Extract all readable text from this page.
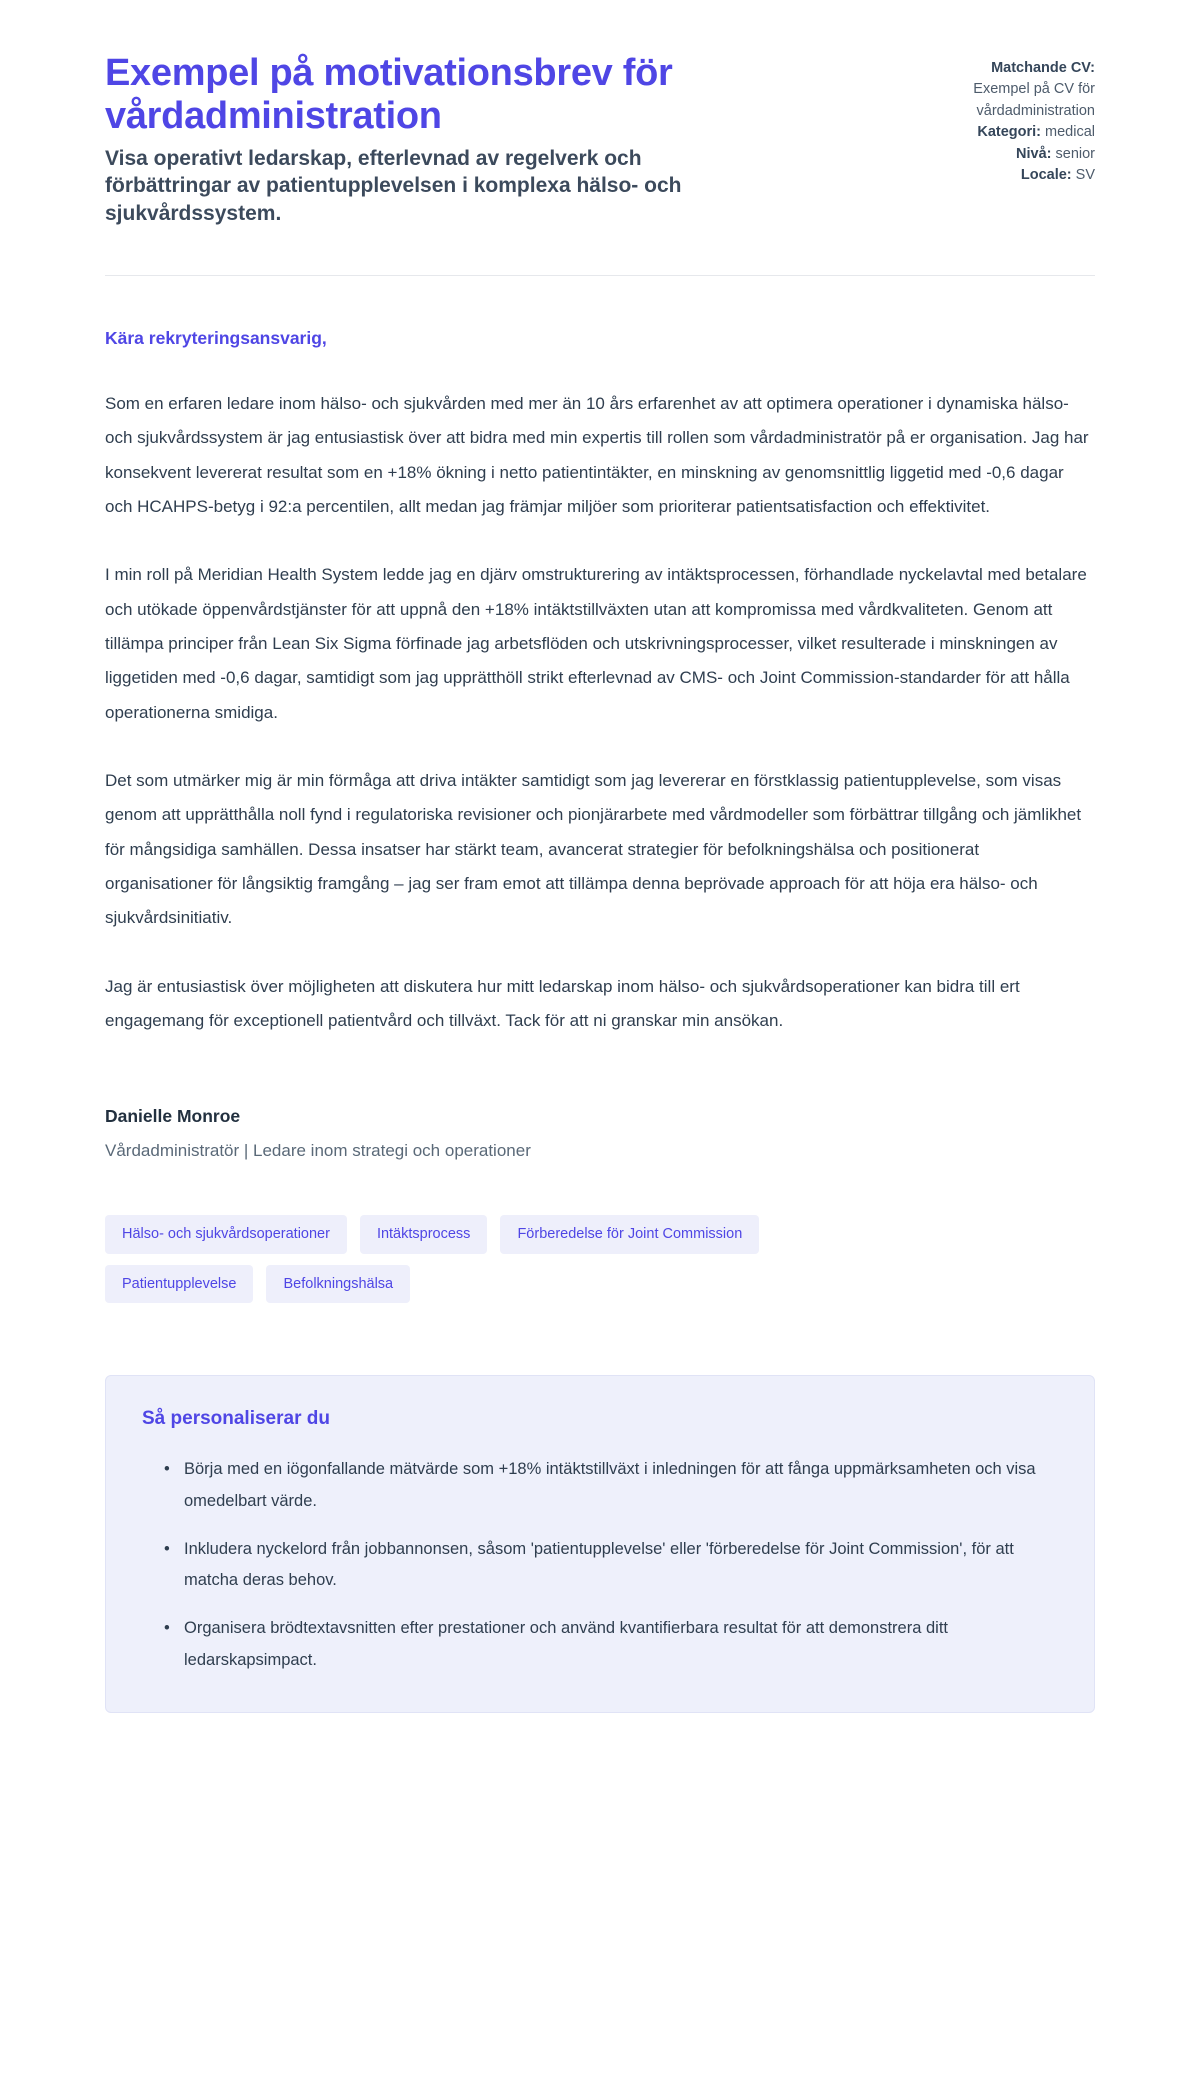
Exempel på motivationsbrev för vårdadministration

Visa operativt ledarskap, efterlevnad av regelverk och förbättringar av patientupplevelsen i komplexa hälso- och sjukvårdssystem.

Matchande CV:
Exempel på CV för vårdadministration
Kategori: medical
Nivå: senior
Locale: SV

Kära rekryteringsansvarig,

Som en erfaren ledare inom hälso- och sjukvården med mer än 10 års erfarenhet av att optimera operationer i dynamiska hälso- och sjukvårdssystem är jag entusiastisk över att bidra med min expertis till rollen som vårdadministratör på er organisation. Jag har konsekvent levererat resultat som en +18% ökning i netto patientintäkter, en minskning av genomsnittlig liggetid med -0,6 dagar och HCAHPS-betyg i 92:a percentilen, allt medan jag främjar miljöer som prioriterar patientsatisfaction och effektivitet.

I min roll på Meridian Health System ledde jag en djärv omstrukturering av intäktsprocessen, förhandlade nyckelavtal med betalare och utökade öppenvårdstjänster för att uppnå den +18% intäktstillväxten utan att kompromissa med vårdkvaliteten. Genom att tillämpa principer från Lean Six Sigma förfinade jag arbetsflöden och utskrivningsprocesser, vilket resulterade i minskningen av liggetiden med -0,6 dagar, samtidigt som jag upprätthöll strikt efterlevnad av CMS- och Joint Commission-standarder för att hålla operationerna smidiga.

Det som utmärker mig är min förmåga att driva intäkter samtidigt som jag levererar en förstklassig patientupplevelse, som visas genom att upprätthålla noll fynd i regulatoriska revisioner och pionjärarbete med vårdmodeller som förbättrar tillgång och jämlikhet för mångsidiga samhällen. Dessa insatser har stärkt team, avancerat strategier för befolkningshälsa och positionerat organisationer för långsiktig framgång – jag ser fram emot att tillämpa denna beprövade approach för att höja era hälso- och sjukvårdsinitiativ.

Jag är entusiastisk över möjligheten att diskutera hur mitt ledarskap inom hälso- och sjukvårdsoperationer kan bidra till ert engagemang för exceptionell patientvård och tillväxt. Tack för att ni granskar min ansökan.

Danielle Monroe

Vårdadministratör | Ledare inom strategi och operationer

Hälso- och sjukvårdsoperationer	Intäktsprocess	Förberedelse för Joint Commission
Patientupplevelse	Befolkningshälsa
Så personaliserar du
• Börja med en iögonfallande mätvärde som +18% intäktstillväxt i inledningen för att fånga uppmärksamheten och visa omedelbart värde.
• Inkludera nyckelord från jobbannonsen, såsom 'patientupplevelse' eller 'förberedelse för Joint Commission', för att matcha deras behov.
• Organisera brödtextavsnitten efter prestationer och använd kvantifierbara resultat för att demonstrera ditt ledarskapsimpact.
